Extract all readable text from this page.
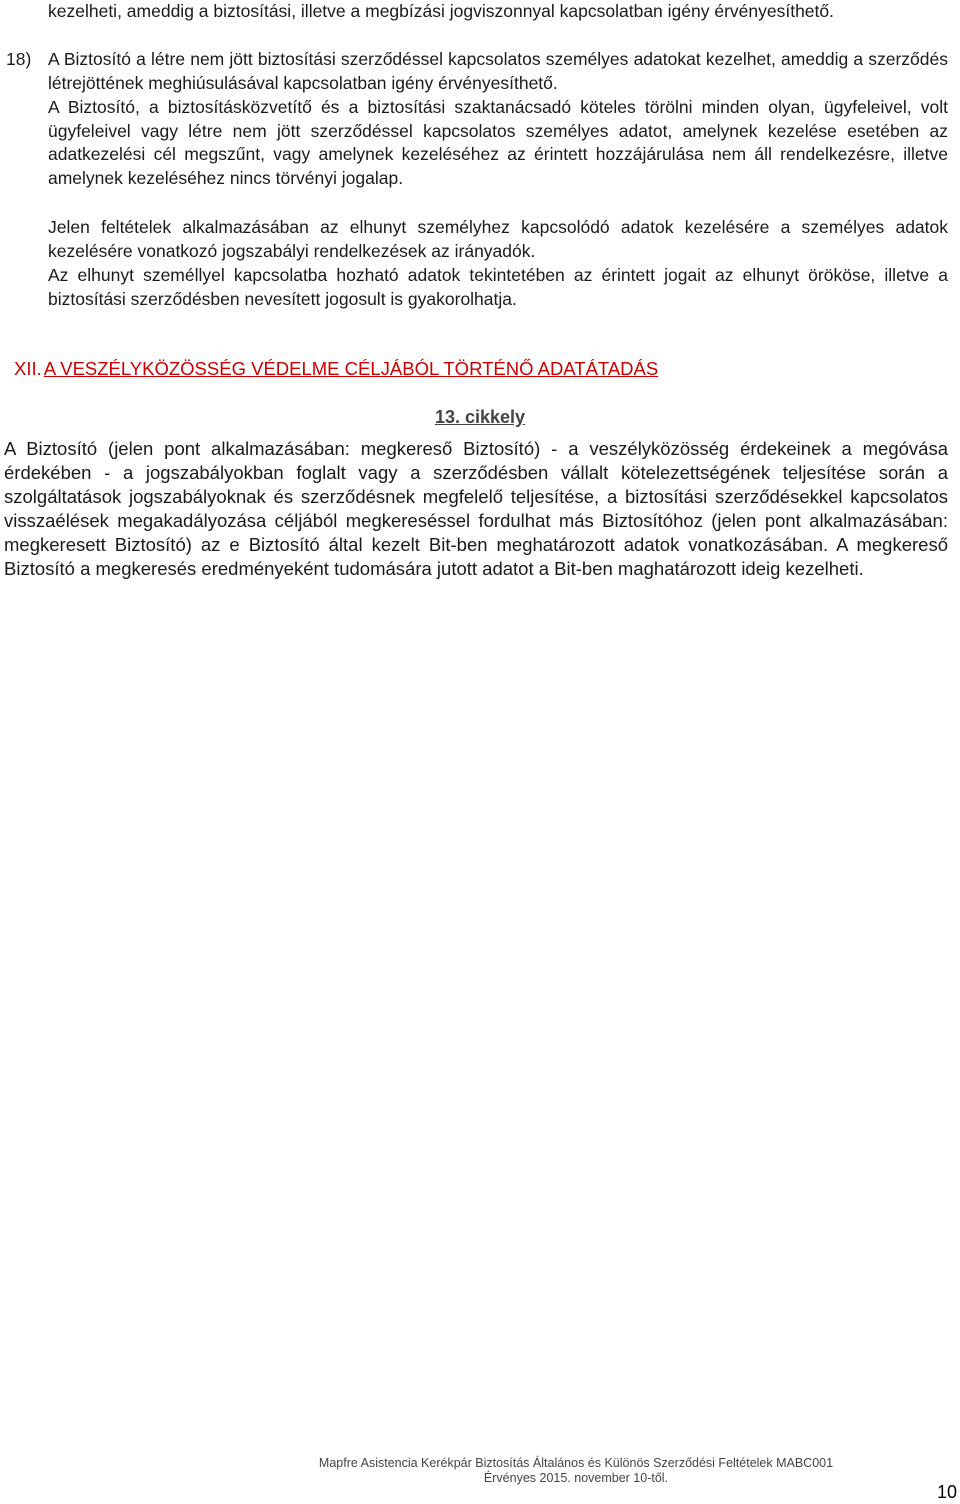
kezelheti, ameddig a biztosítási, illetve a megbízási jogviszonnyal kapcsolatban igény érvényesíthető.
18) A Biztosító a létre nem jött biztosítási szerződéssel kapcsolatos személyes adatokat kezelhet, ameddig a szerződés létrejöttének meghiúsulásával kapcsolatban igény érvényesíthető.
A Biztosító, a biztosításközvetítő és a biztosítási szaktanácsadó köteles törölni minden olyan, ügyfeleivel, volt ügyfeleivel vagy létre nem jött szerződéssel kapcsolatos személyes adatot, amelynek kezelése esetében az adatkezelési cél megszűnt, vagy amelynek kezeléséhez az érintett hozzájárulása nem áll rendelkezésre, illetve amelynek kezeléséhez nincs törvényi jogalap.
Jelen feltételek alkalmazásában az elhunyt személyhez kapcsolódó adatok kezelésére a személyes adatok kezelésére vonatkozó jogszabályi rendelkezések az irányadók.
Az elhunyt személlyel kapcsolatba hozható adatok tekintetében az érintett jogait az elhunyt örököse, illetve a biztosítási szerződésben nevesített jogosult is gyakorolhatja.
XII. A VESZÉLYKÖZÖSSÉG VÉDELME CÉLJÁBÓL TÖRTÉNŐ ADATÁTADÁS
13. cikkely
A Biztosító (jelen pont alkalmazásában: megkereső Biztosító) - a veszélyközösség érdekeinek a megóvása érdekében - a jogszabályokban foglalt vagy a szerződésben vállalt kötelezettségének teljesítése során a szolgáltatások jogszabályoknak és szerződésnek megfelelő teljesítése, a biztosítási szerződésekkel kapcsolatos visszaélések megakadályozása céljából megkereséssel fordulhat más Biztosítóhoz (jelen pont alkalmazásában: megkeresett Biztosító) az e Biztosító által kezelt Bit-ben meghatározott adatok vonatkozásában. A megkereső Biztosító a megkeresés eredményeként tudomására jutott adatot a Bit-ben maghatározott ideig kezelheti.
Mapfre Asistencia Kerékpár Biztosítás Általános és Különös Szerződési Feltételek MABC001
Érvényes 2015. november 10-től.
10
